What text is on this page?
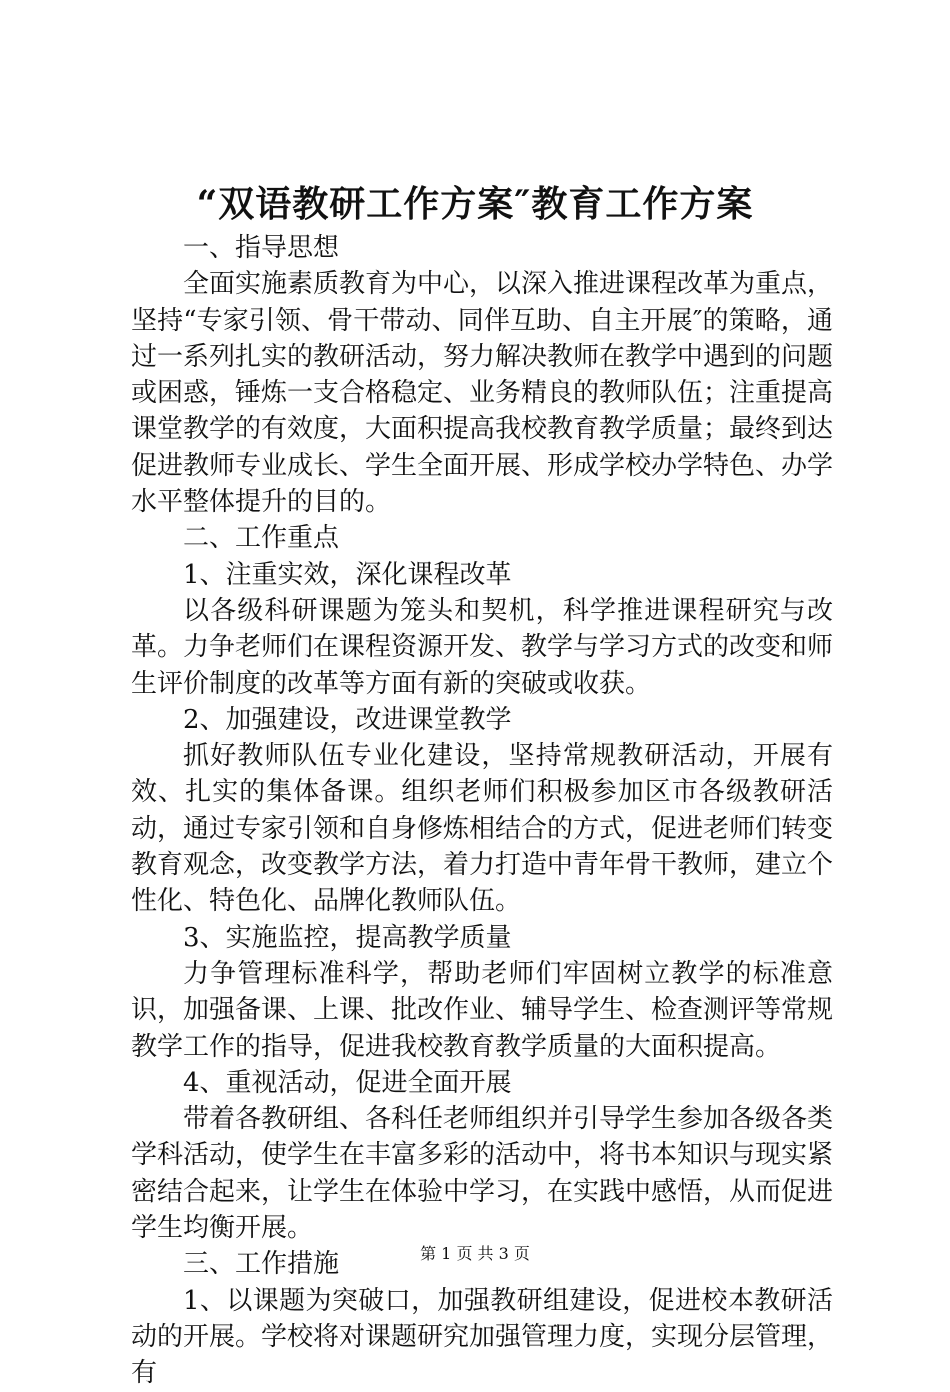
“双语教研工作方案″教育工作方案

一、指导思想

全面实施素质教育为中心，以深入推进课程改革为重点，坚持“专家引领、骨干带动、同伴互助、自主开展″的策略，通过一系列扎实的教研活动，努力解决教师在教学中遇到的问题或困惑，锤炼一支合格稳定、业务精良的教师队伍；注重提高课堂教学的有效度，大面积提高我校教育教学质量；最终到达促进教师专业成长、学生全面开展、形成学校办学特色、办学水平整体提升的目的。

二、工作重点

1、注重实效，深化课程改革

以各级科研课题为笼头和契机，科学推进课程研究与改革。力争老师们在课程资源开发、教学与学习方式的改变和师生评价制度的改革等方面有新的突破或收获。

2、加强建设，改进课堂教学

抓好教师队伍专业化建设，坚持常规教研活动，开展有效、扎实的集体备课。组织老师们积极参加区市各级教研活动，通过专家引领和自身修炼相结合的方式，促进老师们转变教育观念，改变教学方法，着力打造中青年骨干教师，建立个性化、特色化、品牌化教师队伍。

3、实施监控，提高教学质量

力争管理标准科学，帮助老师们牢固树立教学的标准意识，加强备课、上课、批改作业、辅导学生、检查测评等常规教学工作的指导，促进我校教育教学质量的大面积提高。

4、重视活动，促进全面开展

带着各教研组、各科任老师组织并引导学生参加各级各类学科活动，使学生在丰富多彩的活动中，将书本知识与现实紧密结合起来，让学生在体验中学习，在实践中感悟，从而促进学生均衡开展。

三、工作措施

1、以课题为突破口，加强教研组建设，促进校本教研活动的开展。学校将对课题研究加强管理力度，实现分层管理，有

第 1 页 共 3 页
